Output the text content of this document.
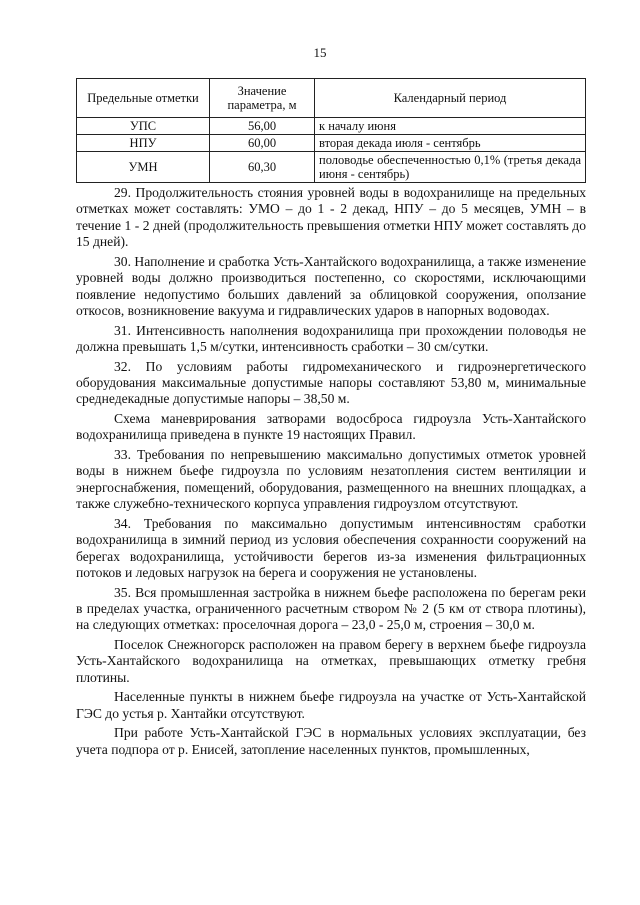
15
Предельные отметки	Значение параметра, м	Календарный период
УПС	56,00	к началу июня
НПУ	60,00	вторая декада июля - сентябрь
УМН	60,30	половодье обеспеченностью 0,1% (третья декада июня - сентябрь)

29. Продолжительность стояния уровней воды в водохранилище на предельных отметках может составлять: УМО – до 1 - 2 декад, НПУ – до 5 месяцев, УМН – в течение 1 - 2 дней (продолжительность превышения отметки НПУ может составлять до 15 дней).

30. Наполнение и сработка Усть-Хантайского водохранилища, а также изменение уровней воды должно производиться постепенно, со скоростями, исключающими появление недопустимо больших давлений за облицовкой сооружения, оползание откосов, возникновение вакуума и гидравлических ударов в напорных водоводах.

31. Интенсивность наполнения водохранилища при прохождении половодья не должна превышать 1,5 м/сутки, интенсивность сработки – 30 см/сутки.

32. По условиям работы гидромеханического и гидроэнергетического оборудования максимальные допустимые напоры составляют 53,80 м, минимальные среднедекадные допустимые напоры – 38,50 м.

Схема маневрирования затворами водосброса гидроузла Усть-Хантайского водохранилища приведена в пункте 19 настоящих Правил.

33. Требования по непревышению максимально допустимых отметок уровней воды в нижнем бьефе гидроузла по условиям незатопления систем вентиляции и энергоснабжения, помещений, оборудования, размещенного на внешних площадках, а также служебно-технического корпуса управления гидроузлом отсутствуют.

34. Требования по максимально допустимым интенсивностям сработки водохранилища в зимний период из условия обеспечения сохранности сооружений на берегах водохранилища, устойчивости берегов из-за изменения фильтрационных потоков и ледовых нагрузок на берега и сооружения не установлены.

35. Вся промышленная застройка в нижнем бьефе расположена по берегам реки в пределах участка, ограниченного расчетным створом № 2 (5 км от створа плотины), на следующих отметках: проселочная дорога – 23,0 - 25,0 м, строения – 30,0 м.

Поселок Снежногорск расположен на правом берегу в верхнем бьефе гидроузла Усть-Хантайского водохранилища на отметках, превышающих отметку гребня плотины.

Населенные пункты в нижнем бьефе гидроузла на участке от Усть-Хантайской ГЭС до устья р. Хантайки отсутствуют.

При работе Усть-Хантайской ГЭС в нормальных условиях эксплуатации, без учета подпора от р. Енисей, затопление населенных пунктов, промышленных,
